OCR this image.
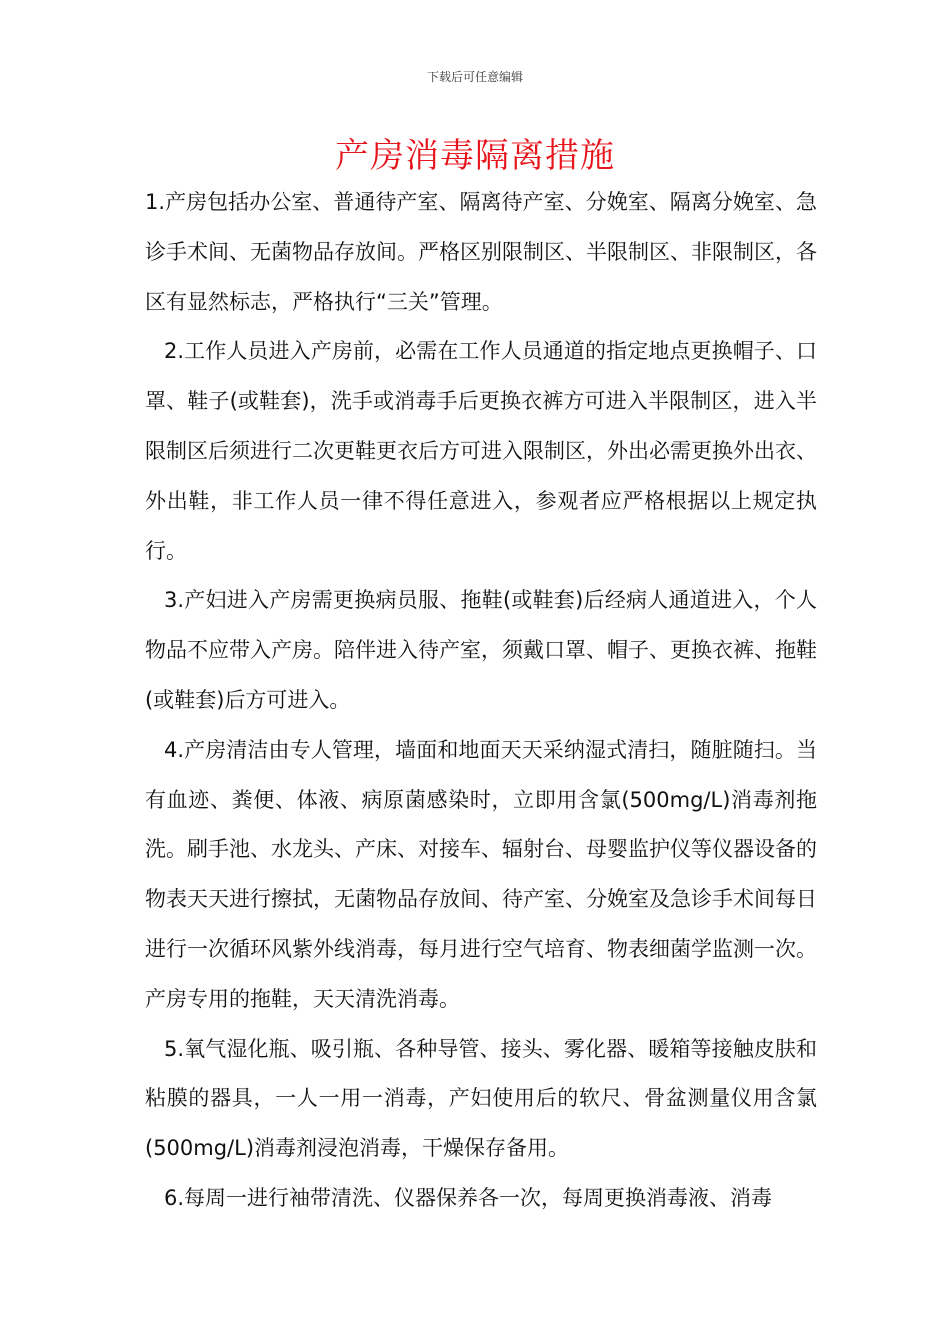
下载后可任意编辑
产房消毒隔离措施

1.产房包括办公室、普通待产室、隔离待产室、分娩室、隔离分娩室、急诊手术间、无菌物品存放间。严格区别限制区、半限制区、非限制区，各区有显然标志，严格执行“三关”管理。

2.工作人员进入产房前，必需在工作人员通道的指定地点更换帽子、口罩、鞋子(或鞋套)，洗手或消毒手后更换衣裤方可进入半限制区，进入半限制区后须进行二次更鞋更衣后方可进入限制区，外出必需更换外出衣、外出鞋，非工作人员一律不得任意进入，参观者应严格根据以上规定执行。

3.产妇进入产房需更换病员服、拖鞋(或鞋套)后经病人通道进入，个人物品不应带入产房。陪伴进入待产室，须戴口罩、帽子、更换衣裤、拖鞋(或鞋套)后方可进入。

4.产房清洁由专人管理，墙面和地面天天采纳湿式清扫，随脏随扫。当有血迹、粪便、体液、病原菌感染时，立即用含氯(500mg/L)消毒剂拖洗。刷手池、水龙头、产床、对接车、辐射台、母婴监护仪等仪器设备的物表天天进行擦拭，无菌物品存放间、待产室、分娩室及急诊手术间每日进行一次循环风紫外线消毒，每月进行空气培育、物表细菌学监测一次。产房专用的拖鞋，天天清洗消毒。

5.氧气湿化瓶、吸引瓶、各种导管、接头、雾化器、暖箱等接触皮肤和粘膜的器具，一人一用一消毒，产妇使用后的软尺、骨盆测量仪用含氯(500mg/L)消毒剂浸泡消毒，干燥保存备用。

6.每周一进行袖带清洗、仪器保养各一次，每周更换消毒液、消毒
